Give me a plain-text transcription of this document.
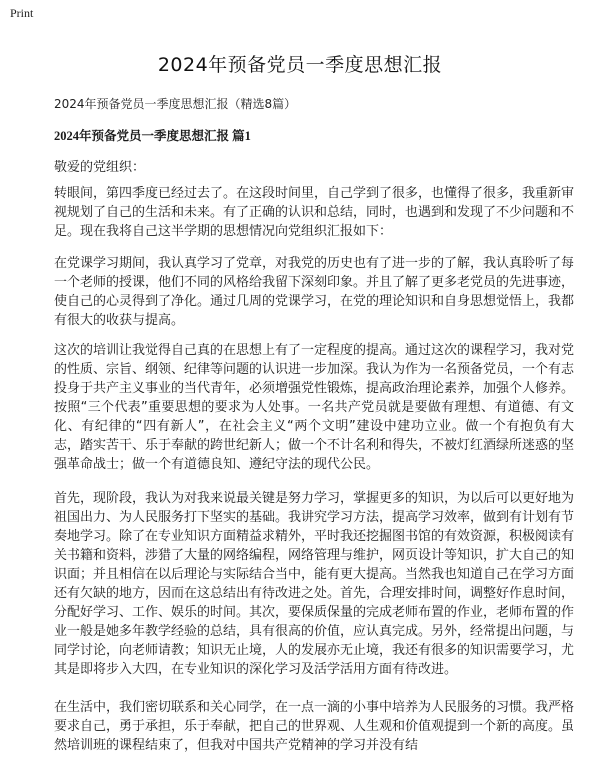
Print
2024年预备党员一季度思想汇报
2024年预备党员一季度思想汇报（精选8篇）
2024年预备党员一季度思想汇报 篇1
敬爱的党组织：

转眼间，第四季度已经过去了。在这段时间里，自己学到了很多，也懂得了很多，我重新审视规划了自己的生活和未来。有了正确的认识和总结，同时，也遇到和发现了不少问题和不足。现在我将自己这半学期的思想情况向党组织汇报如下：

在党课学习期间，我认真学习了党章，对我党的历史也有了进一步的了解，我认真聆听了每一个老师的授课，他们不同的风格给我留下深刻印象。并且了解了更多老党员的先进事迹，使自己的心灵得到了净化。通过几周的党课学习，在党的理论知识和自身思想觉悟上，我都有很大的收获与提高。

这次的培训让我觉得自己真的在思想上有了一定程度的提高。通过这次的课程学习，我对党的性质、宗旨、纲领、纪律等问题的认识进一步加深。我认为作为一名预备党员，一个有志投身于共产主义事业的当代青年，必须增强党性锻炼，提高政治理论素养，加强个人修养。按照“三个代表”重要思想的要求为人处事。一名共产党员就是要做有理想、有道德、有文化、有纪律的“四有新人”，在社会主义“两个文明”建设中建功立业。做一个有抱负有大志，踏实苦干、乐于奉献的跨世纪新人；做一个不计名利和得失，不被灯红酒绿所迷惑的坚强革命战士；做一个有道德良知、遵纪守法的现代公民。

首先，现阶段，我认为对我来说最关键是努力学习，掌握更多的知识，为以后可以更好地为祖国出力、为人民服务打下坚实的基础。我讲究学习方法，提高学习效率，做到有计划有节奏地学习。除了在专业知识方面精益求精外，平时我还挖掘图书馆的有效资源，积极阅读有关书籍和资料，涉猎了大量的网络编程，网络管理与维护，网页设计等知识，扩大自己的知识面；并且相信在以后理论与实际结合当中，能有更大提高。当然我也知道自己在学习方面还有欠缺的地方，因而在这总结出有待改进之处。首先，合理安排时间，调整好作息时间，分配好学习、工作、娱乐的时间。其次，要保质保量的完成老师布置的作业，老师布置的作业一般是她多年教学经验的总结，具有很高的价值，应认真完成。另外，经常提出问题，与同学讨论，向老师请教；知识无止境，人的发展亦无止境，我还有很多的知识需要学习，尤其是即将步入大四，在专业知识的深化学习及活学活用方面有待改进。

在生活中，我们密切联系和关心同学，在一点一滴的小事中培养为人民服务的习惯。我严格要求自己，勇于承担，乐于奉献，把自己的世界观、人生观和价值观提到一个新的高度。虽然培训班的课程结束了，但我对中国共产党精神的学习并没有结
